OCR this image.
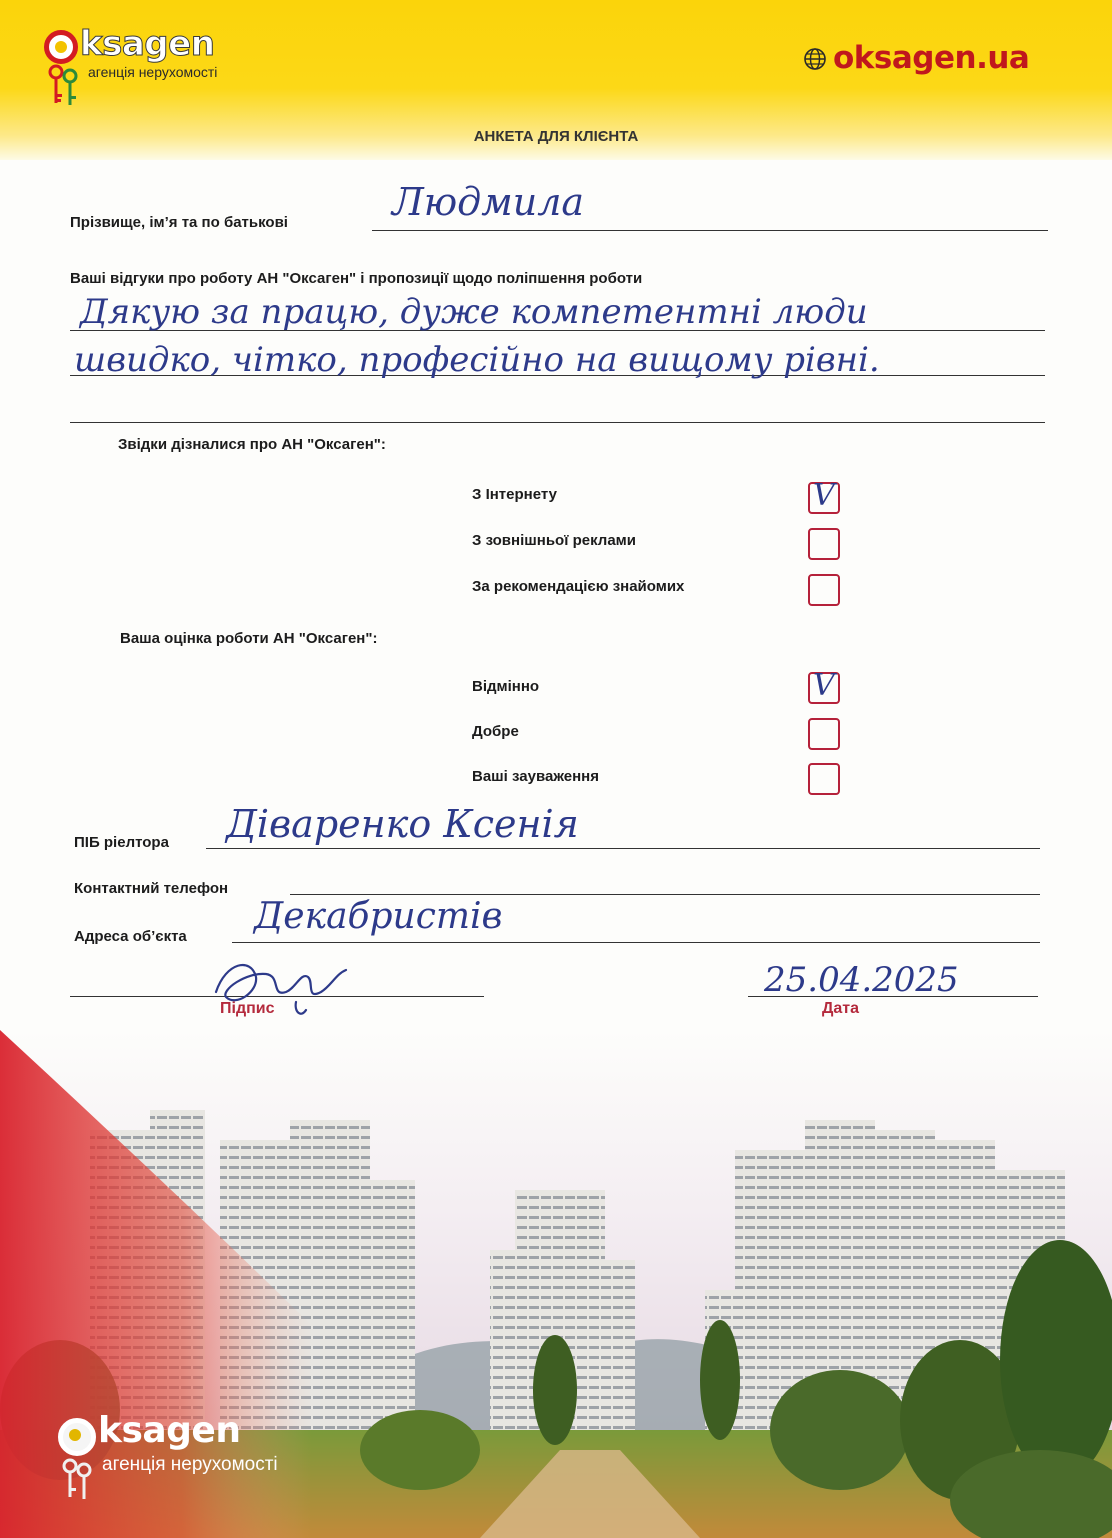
ksagen
агенція нерухомості	oksagen.ua
АНКЕТА ДЛЯ КЛІЄНТА
Прізвище, ім’я та по батькові	Людмила
Ваші відгуки про роботу АН "Оксаген" і пропозиції щодо поліпшення роботи
Дякую за працю, дуже компетентні люди
швидко, чітко, професійно на вищому рівні.
Звідки дізналися про АН "Оксаген":
З Інтернету	V
З зовнішньої реклами
За рекомендацією знайомих
Ваша оцінка роботи АН "Оксаген":
Відмінно	V
Добре
Ваші зауваження
ПІБ ріелтора Діваренко Ксенія
Контактний телефон
Адреса об’єкта Декабристів
Підпис
25.04.2025
Дата
ksagen
агенція нерухомості
